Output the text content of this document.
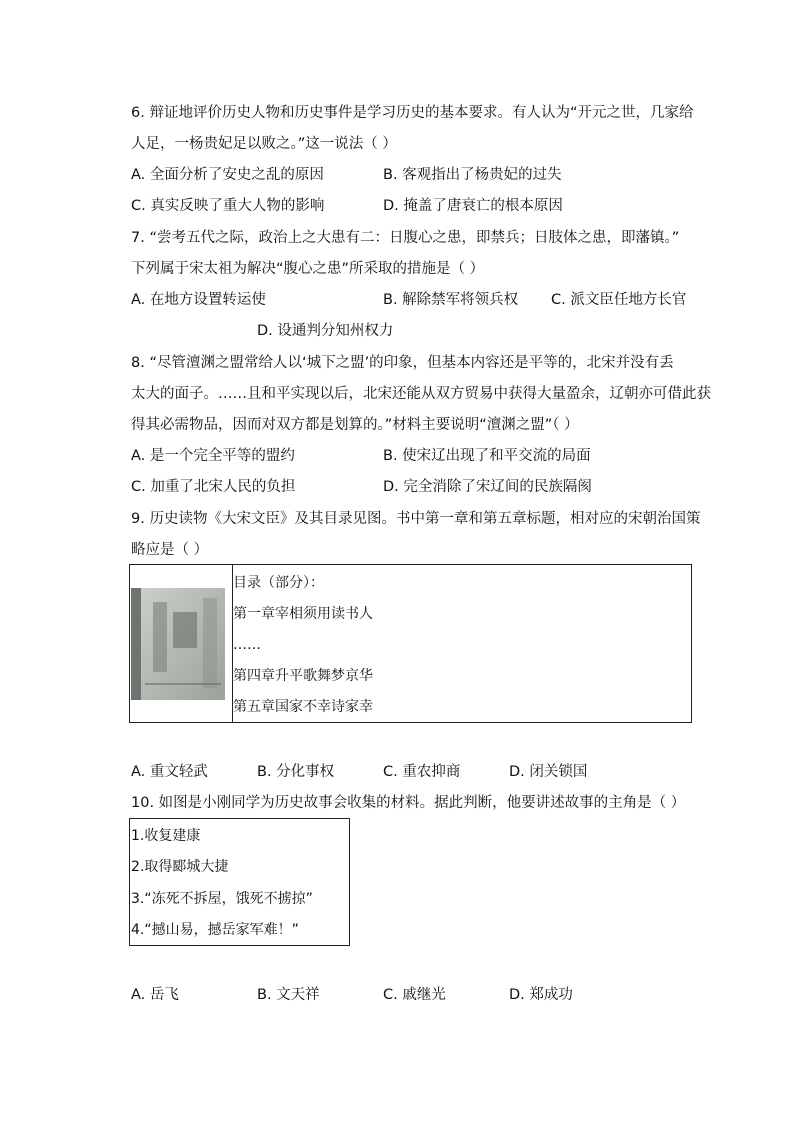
6. 辩证地评价历史人物和历史事件是学习历史的基本要求。有人认为“开元之世，几家给
人足，一杨贵妃足以败之。”这一说法（ ）
A. 全面分析了安史之乱的原因	B. 客观指出了杨贵妃的过失
C. 真实反映了重大人物的影响	D. 掩盖了唐衰亡的根本原因
7. “尝考五代之际，政治上之大患有二：日腹心之患，即禁兵；日肢体之患，即藩镇。”
下列属于宋太祖为解决“腹心之患”所采取的措施是（ ）
A. 在地方设置转运使	B. 解除禁军将领兵权 C. 派文臣任地方长官
D. 设通判分知州权力
8. “尽管澶渊之盟常给人以‘城下之盟’的印象，但基本内容还是平等的，北宋并没有丢
太大的面子。……且和平实现以后，北宋还能从双方贸易中获得大量盈余，辽朝亦可借此获
得其必需物品，因而对双方都是划算的。”材料主要说明“澶渊之盟”（ ）
A. 是一个完全平等的盟约	B. 使宋辽出现了和平交流的局面
C. 加重了北宋人民的负担	D. 完全消除了宋辽间的民族隔阂
9. 历史读物《大宋文臣》及其目录见图。书中第一章和第五章标题，相对应的宋朝治国策
略应是（ ）
目录（部分）：
第一章宰相须用读书人
……
第四章升平歌舞梦京华
第五章国家不幸诗家幸
A. 重文轻武	B. 分化事权	C. 重农抑商	D. 闭关锁国
10. 如图是小刚同学为历史故事会收集的材料。据此判断，他要讲述故事的主角是（ ）
1.收复建康
2.取得郾城大捷
3.“冻死不拆屋，饿死不掳掠”
4.“撼山易，撼岳家军难！”
A. 岳飞	B. 文天祥	C. 戚继光	D. 郑成功
